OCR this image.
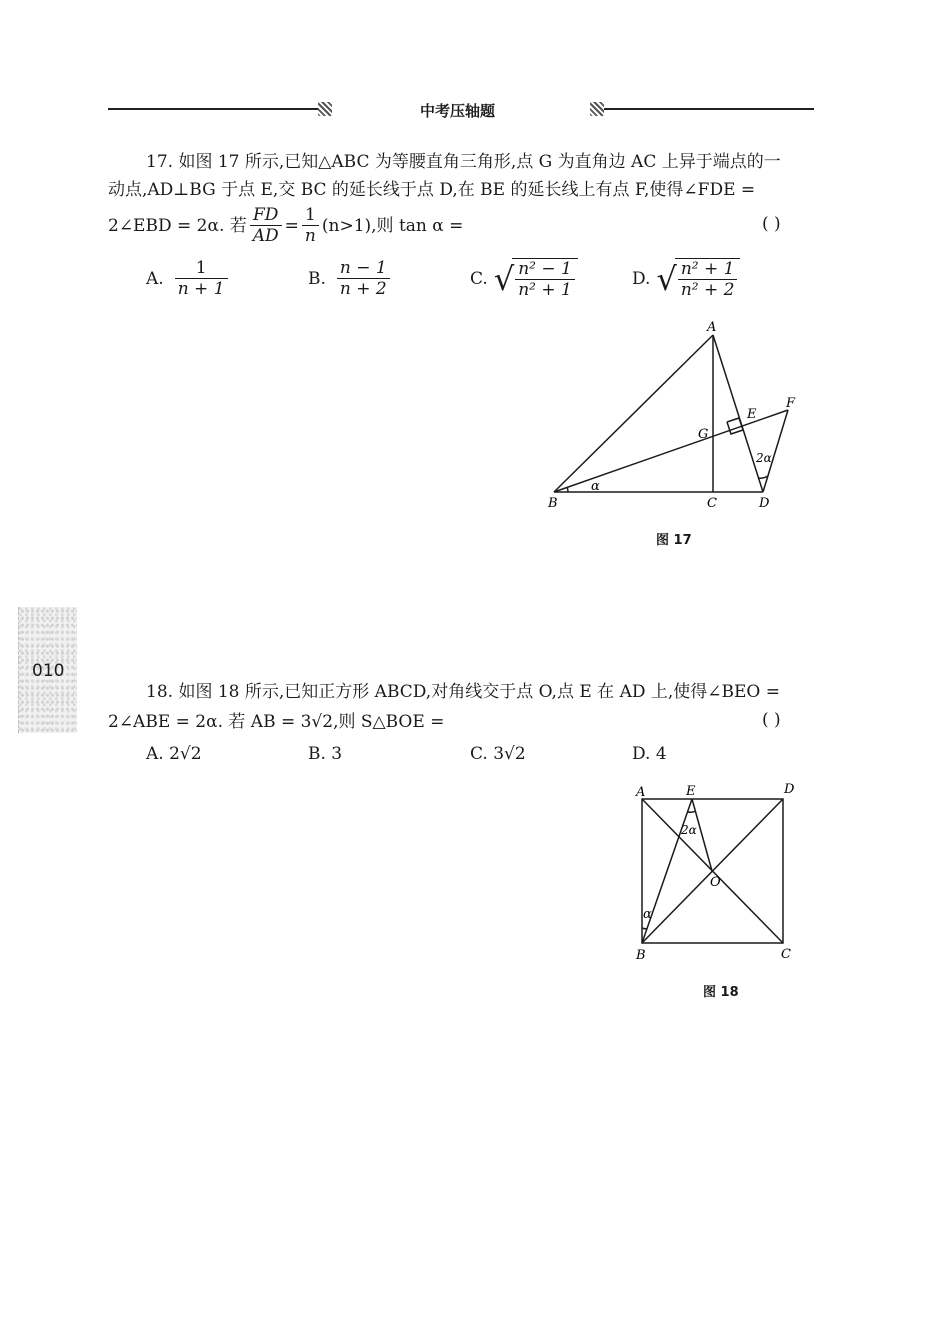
中考压轴题
17. 如图 17 所示,已知△ABC 为等腰直角三角形,点 G 为直角边 AC 上异于端点的一
动点,AD⊥BG 于点 E,交 BC 的延长线于点 D,在 BE 的延长线上有点 F,使得∠FDE =
2∠EBD = 2α. 若 $\frac{FD}{AD} = \frac{1}{n} (n>1)$,则 tan α =	( )
A. $\frac{1}{n + 1}$	B. $\frac{n - 1}{n + 2}$	C. √ $\frac{\text{n² − 1}}{\text{n² + 1}}$	D. √ $\frac{\text{n² + 1}}{\text{n² + 2}}$
A
B	C	D
E
F
G
α
2α
图 17
010
18. 如图 18 所示,已知正方形 ABCD,对角线交于点 O,点 E 在 AD 上,使得∠BEO =
2∠ABE = 2α. 若 AB = 3√2,则 S△BOE =	( )
A. 2√2	B. 3	C. 3√2	D. 4
A
B	C
D
E
O
α
2α
图 18
